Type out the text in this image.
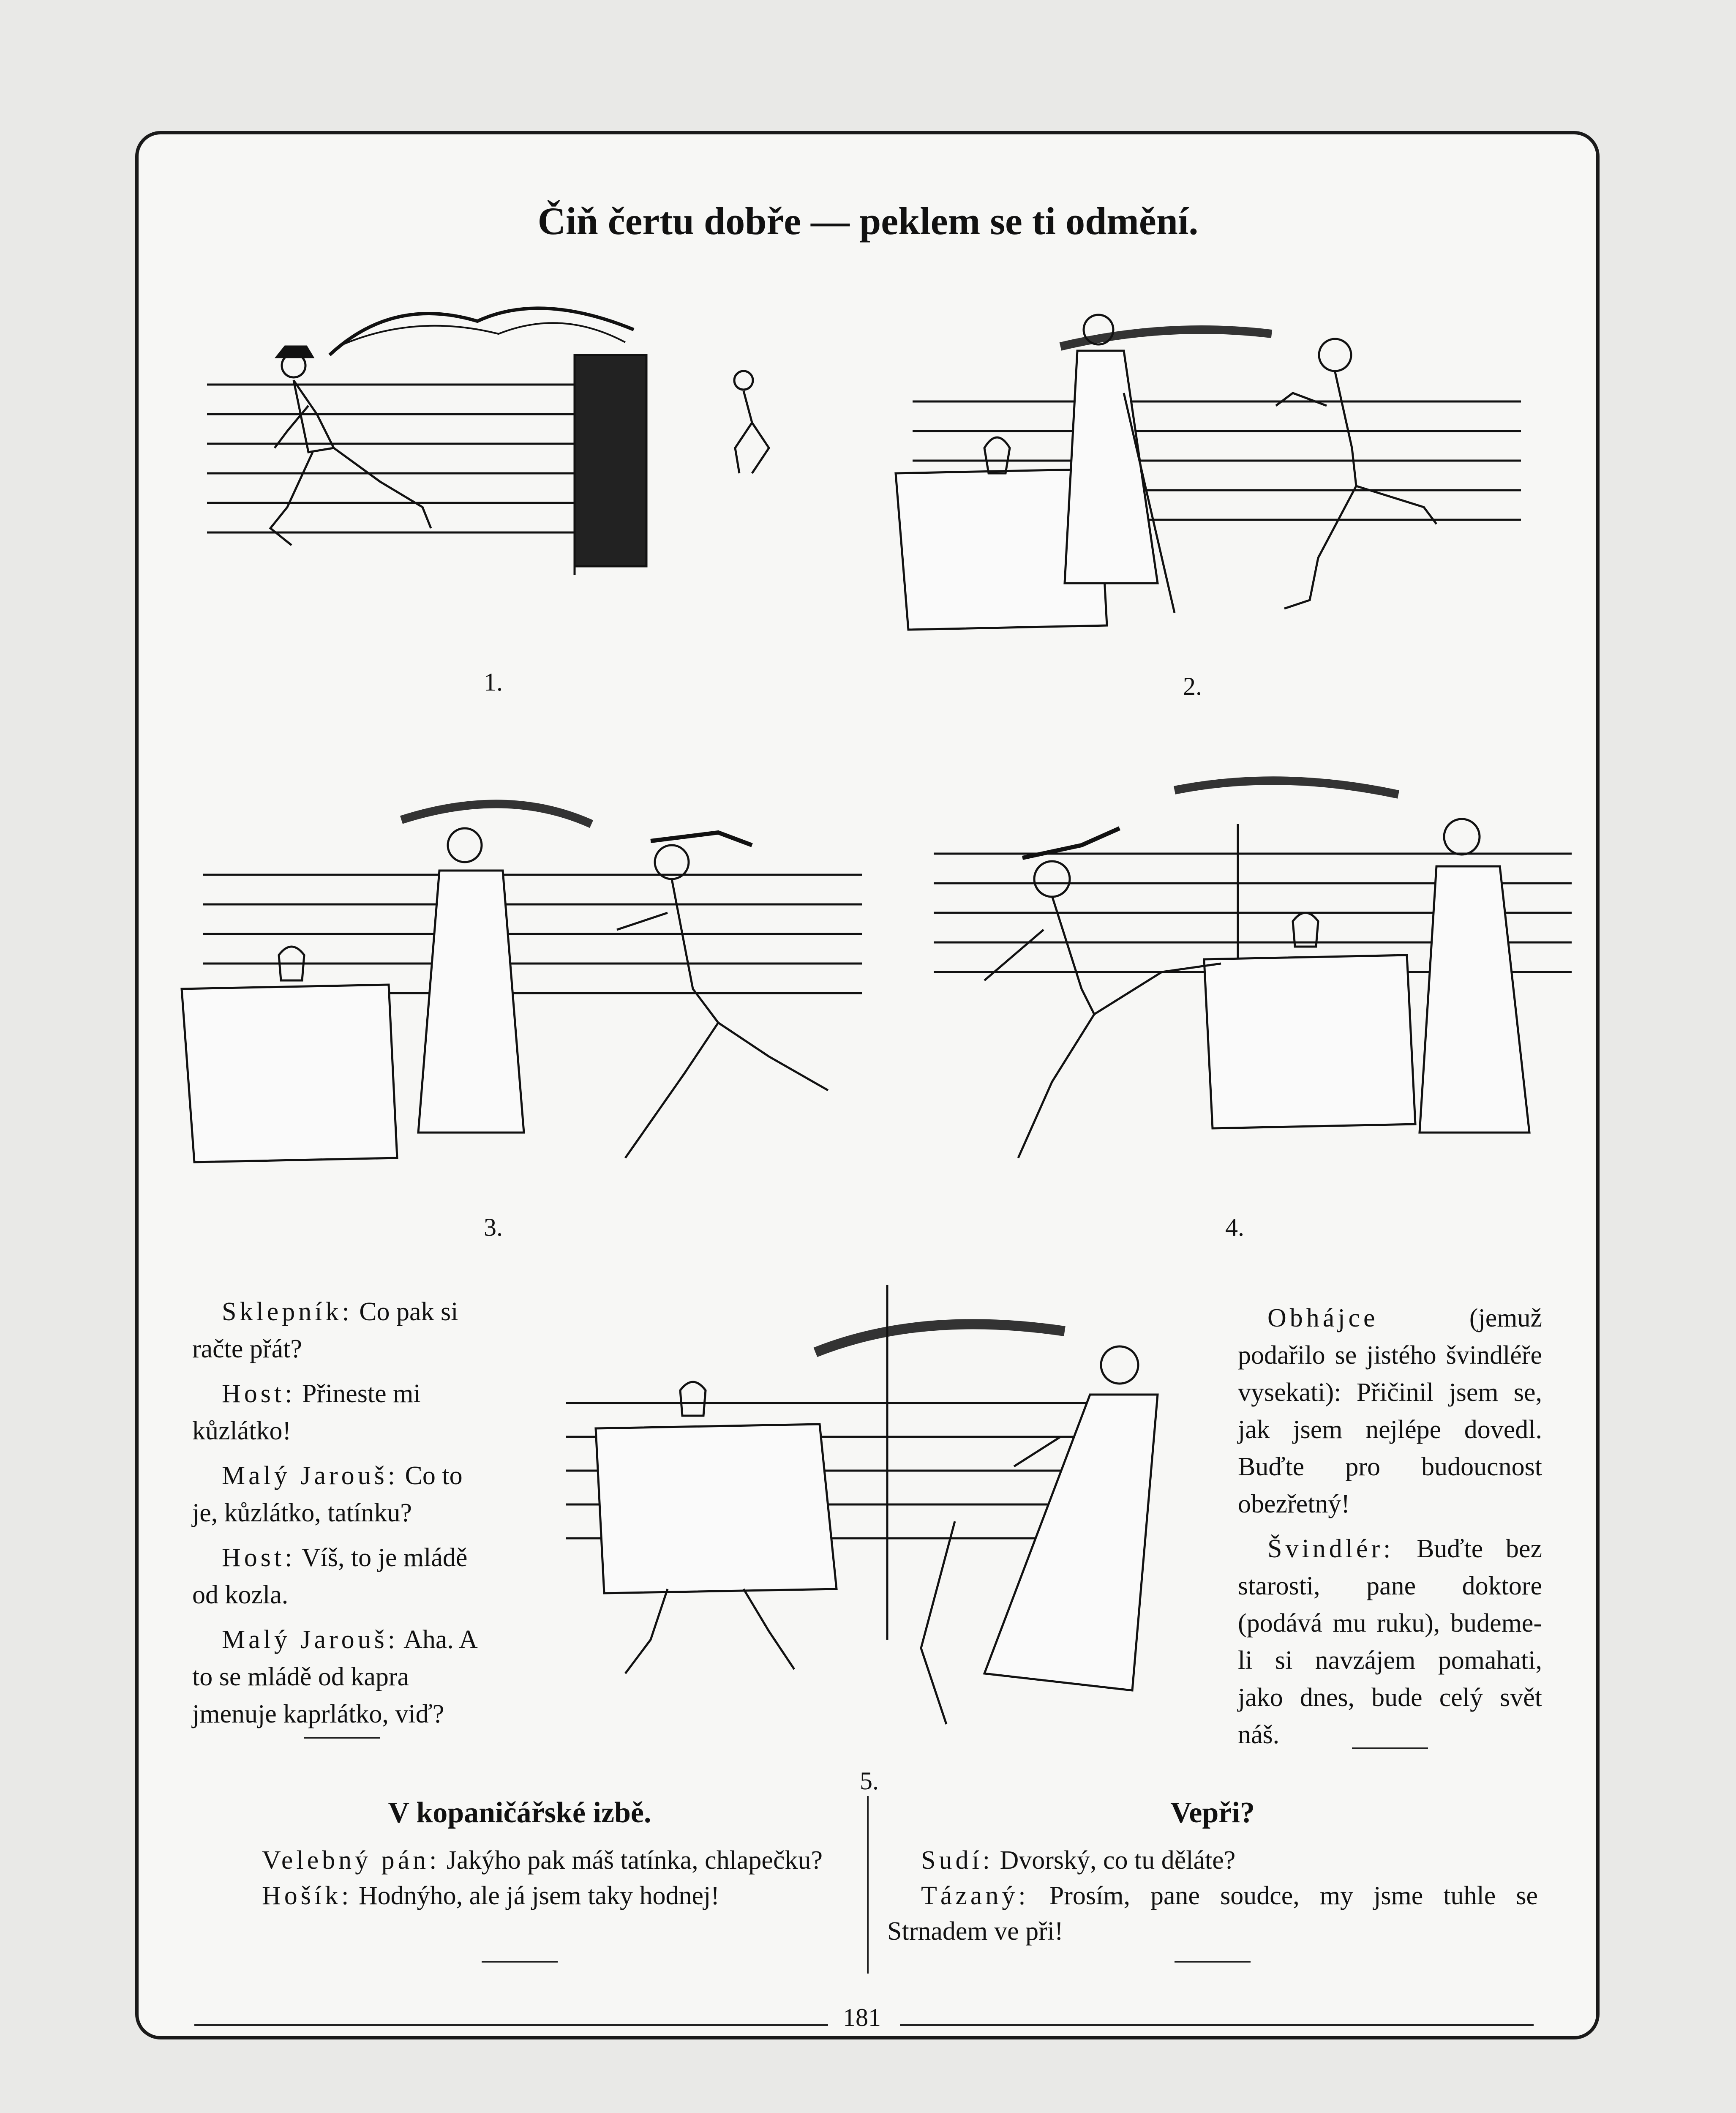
Čiň čertu dobře — peklem se ti odmění.
1.	2.
3.	4.

Sklepník: Co pak si račte přát?

Host: Přineste mi kůzlátko!

Malý Jarouš: Co to je, kůzlátko, tatínku?

Host: Víš, to je mládě od kozla.

Malý Jarouš: Aha. A to se mládě od kapra jmenuje kaprlátko, viď?

5.

Obhájce	(jemuž podařilo se jistého švindléře vysekati): Přičinil jsem se, jak jsem nejlépe dovedl. Buďte pro budoucnost obezřetný!

Švindlér: Buďte bez starosti, pane doktore (podává mu ruku), budeme-li si navzájem pomahati, jako dnes, bude celý svět náš.

V kopaničářské izbě.

Velebný pán: Jakýho pak máš tatínka, chlapečku?

Hošík: Hodnýho, ale já jsem taky hodnej!

Vepři?

Sudí: Dvorský, co tu děláte?

Tázaný: Prosím, pane soudce, my jsme tuhle se Strnadem ve při!

181
